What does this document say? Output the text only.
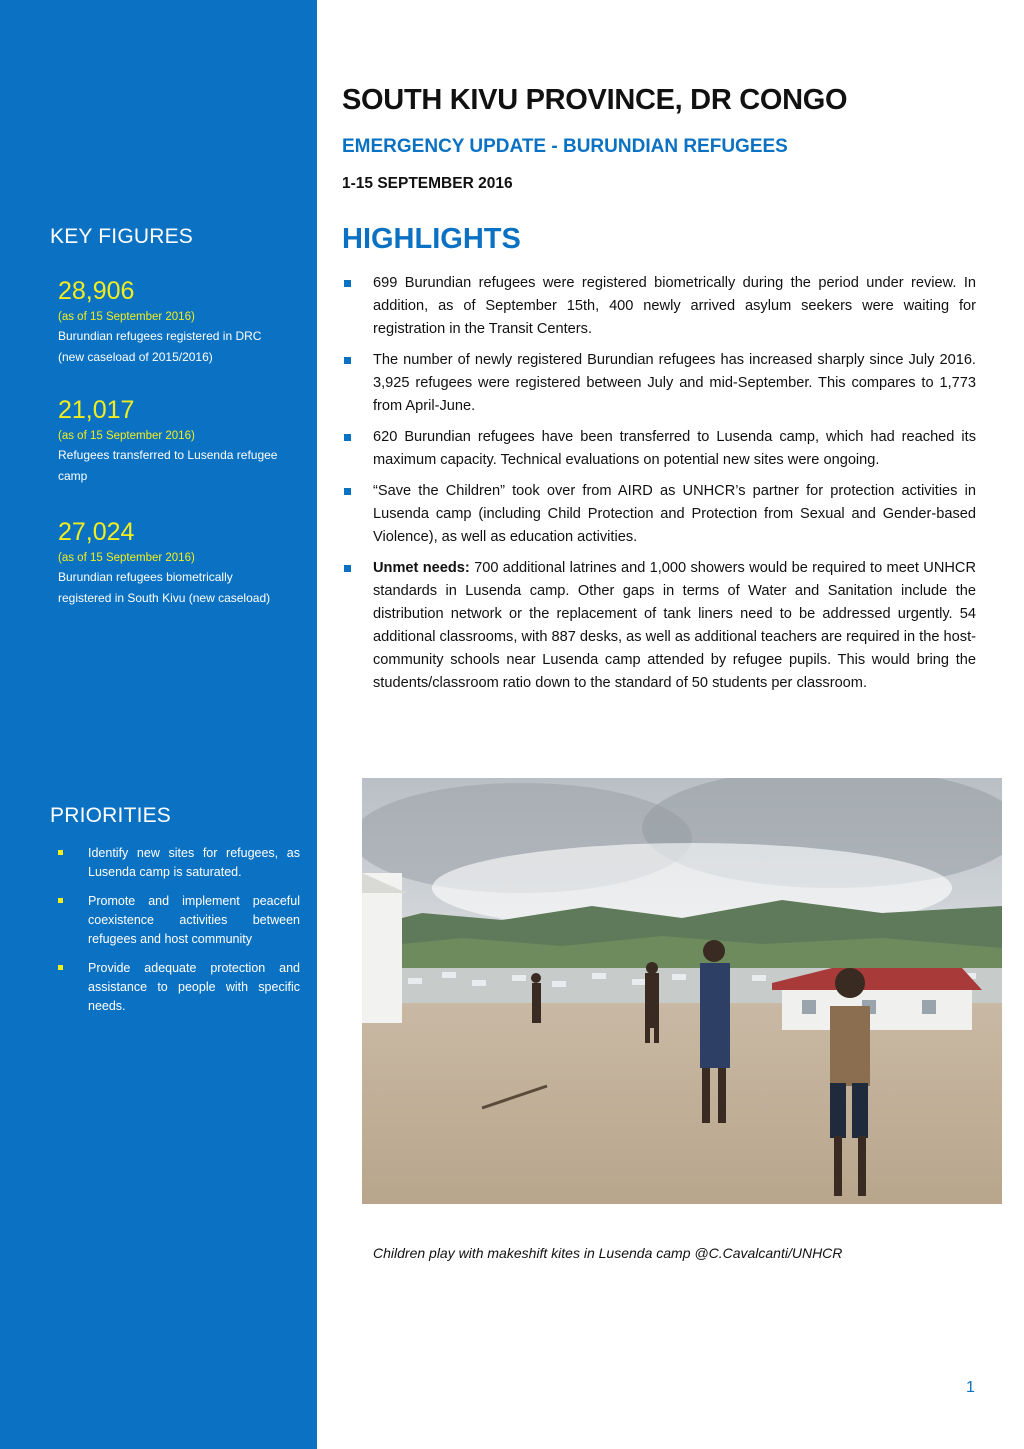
KEY FIGURES
28,906
(as of 15 September 2016)
Burundian refugees registered in DRC (new caseload of 2015/2016)
21,017
(as of 15 September 2016)
Refugees transferred to Lusenda refugee camp
27,024
(as of 15 September 2016)
Burundian refugees biometrically registered in South Kivu (new caseload)
PRIORITIES
Identify new sites for refugees, as Lusenda camp is saturated.
Promote and implement peaceful coexistence activities between refugees and host community
Provide adequate protection and assistance to people with specific needs.
SOUTH KIVU PROVINCE, DR CONGO
EMERGENCY UPDATE - BURUNDIAN REFUGEES
1-15 SEPTEMBER 2016
HIGHLIGHTS
699 Burundian refugees were registered biometrically during the period under review. In addition, as of September 15th, 400 newly arrived asylum seekers were waiting for registration in the Transit Centers.
The number of newly registered Burundian refugees has increased sharply since July 2016. 3,925 refugees were registered between July and mid-September. This compares to 1,773 from April-June.
620 Burundian refugees have been transferred to Lusenda camp, which had reached its maximum capacity. Technical evaluations on potential new sites were ongoing.
“Save the Children” took over from AIRD as UNHCR’s partner for protection activities in Lusenda camp (including Child Protection and Protection from Sexual and Gender-based Violence), as well as education activities.
Unmet needs: 700 additional latrines and 1,000 showers would be required to meet UNHCR standards in Lusenda camp. Other gaps in terms of Water and Sanitation include the distribution network or the replacement of tank liners need to be addressed urgently. 54 additional classrooms, with 887 desks, as well as additional teachers are required in the host-community schools near Lusenda camp attended by refugee pupils. This would bring the students/classroom ratio down to the standard of 50 students per classroom.
Children play with makeshift kites in Lusenda camp @C.Cavalcanti/UNHCR
1
